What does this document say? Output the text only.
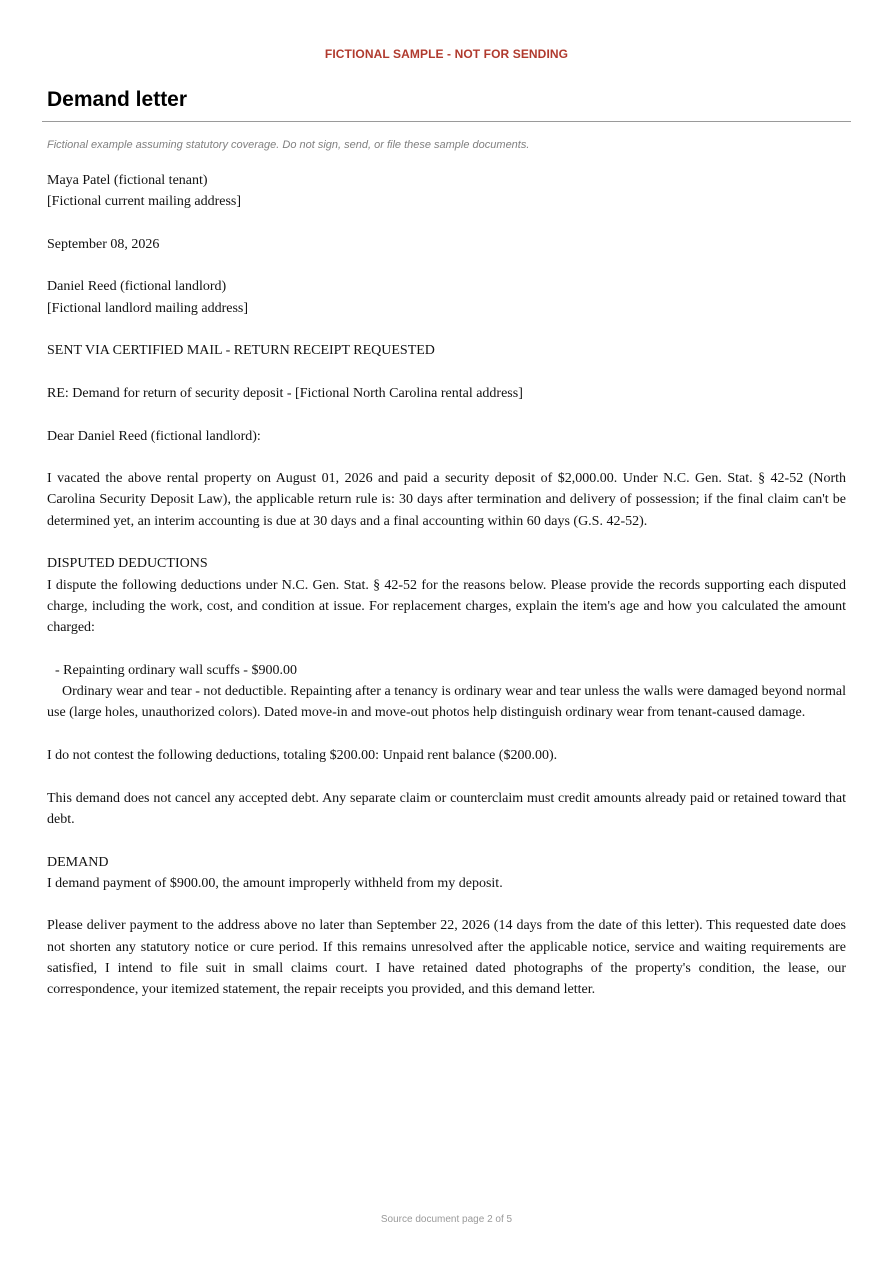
FICTIONAL SAMPLE - NOT FOR SENDING
Demand letter
Fictional example assuming statutory coverage. Do not sign, send, or file these sample documents.

Maya Patel (fictional tenant)
[Fictional current mailing address]

September 08, 2026

Daniel Reed (fictional landlord)
[Fictional landlord mailing address]

SENT VIA CERTIFIED MAIL - RETURN RECEIPT REQUESTED

RE: Demand for return of security deposit - [Fictional North Carolina rental address]

Dear Daniel Reed (fictional landlord):

I vacated the above rental property on August 01, 2026 and paid a security deposit of $2,000.00. Under N.C. Gen. Stat. § 42-52 (North Carolina Security Deposit Law), the applicable return rule is: 30 days after termination and delivery of possession; if the final claim can't be determined yet, an interim accounting is due at 30 days and a final accounting within 60 days (G.S. 42-52).

DISPUTED DEDUCTIONS
I dispute the following deductions under N.C. Gen. Stat. § 42-52 for the reasons below. Please provide the records supporting each disputed charge, including the work, cost, and condition at issue. For replacement charges, explain the item's age and how you calculated the amount charged:

- Repainting ordinary wall scuffs - $900.00
Ordinary wear and tear - not deductible. Repainting after a tenancy is ordinary wear and tear unless the walls were damaged beyond normal use (large holes, unauthorized colors). Dated move-in and move-out photos help distinguish ordinary wear from tenant-caused damage.

I do not contest the following deductions, totaling $200.00: Unpaid rent balance ($200.00).

This demand does not cancel any accepted debt. Any separate claim or counterclaim must credit amounts already paid or retained toward that debt.

DEMAND
I demand payment of $900.00, the amount improperly withheld from my deposit.

Please deliver payment to the address above no later than September 22, 2026 (14 days from the date of this letter). This requested date does not shorten any statutory notice or cure period. If this remains unresolved after the applicable notice, service and waiting requirements are satisfied, I intend to file suit in small claims court. I have retained dated photographs of the property's condition, the lease, our correspondence, your itemized statement, the repair receipts you provided, and this demand letter.

Source document page 2 of 5
